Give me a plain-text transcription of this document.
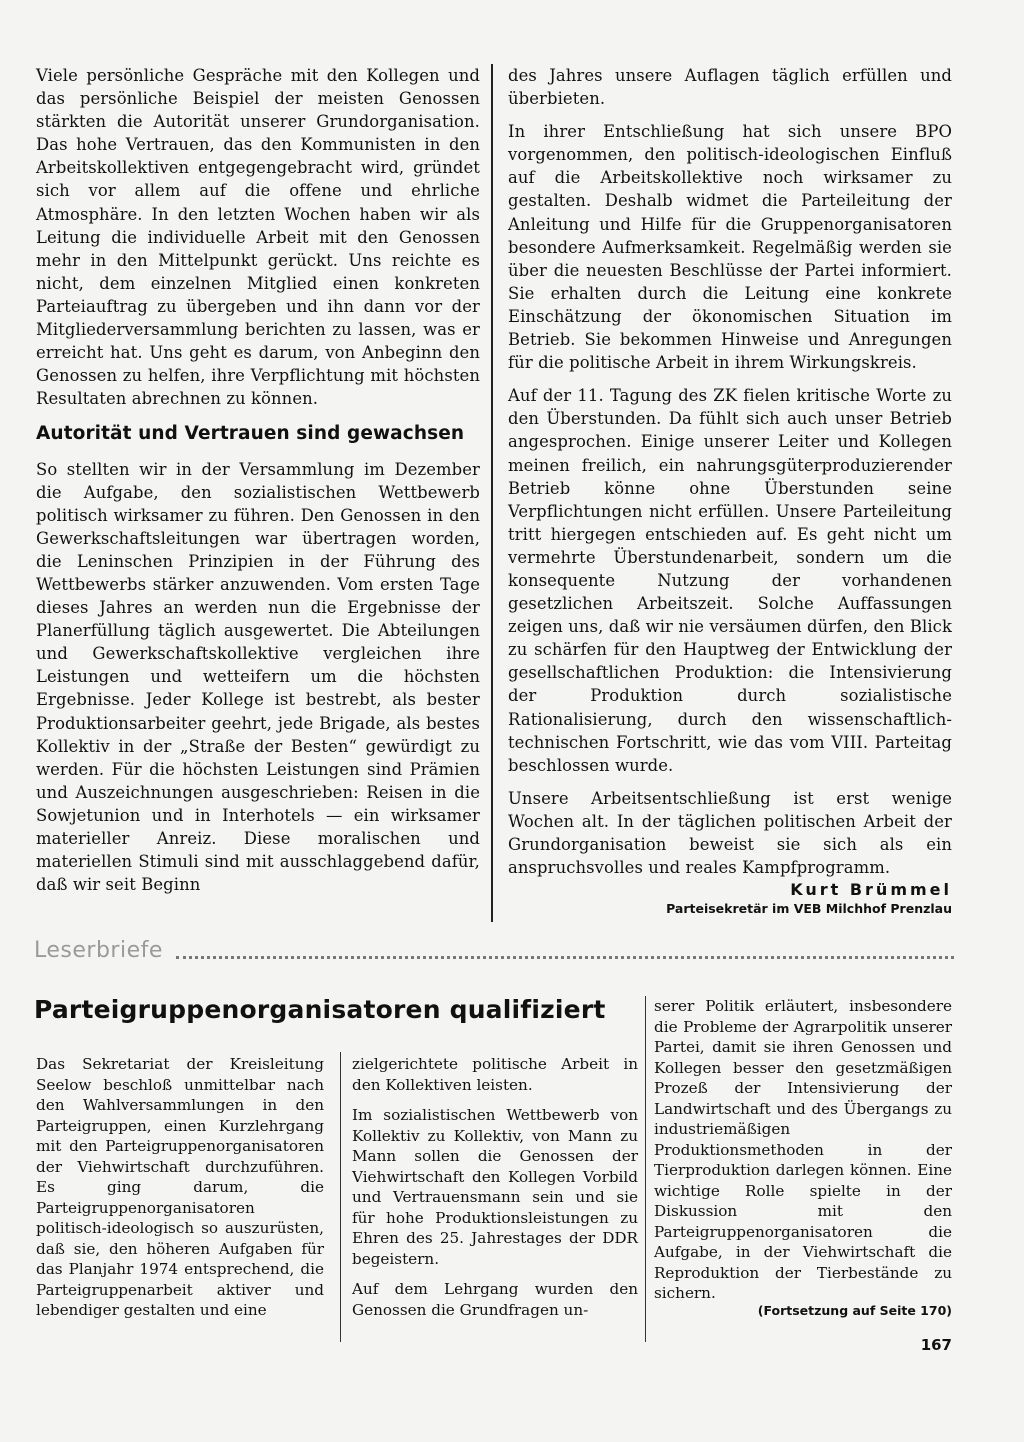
Viele persönliche Gespräche mit den Kollegen und das persönliche Beispiel der meisten Genossen stärkten die Autorität unserer Grundorganisation. Das hohe Vertrauen, das den Kommunisten in den Arbeitskollektiven entgegengebracht wird, gründet sich vor allem auf die offene und ehrliche Atmosphäre. In den letzten Wochen haben wir als Leitung die individuelle Arbeit mit den Genossen mehr in den Mittelpunkt gerückt. Uns reichte es nicht, dem einzelnen Mitglied einen konkreten Parteiauftrag zu übergeben und ihn dann vor der Mitgliederversammlung berichten zu lassen, was er erreicht hat. Uns geht es darum, von Anbeginn den Genossen zu helfen, ihre Verpflichtung mit höchsten Resultaten abrechnen zu können.

Autorität und Vertrauen sind gewachsen

So stellten wir in der Versammlung im Dezember die Aufgabe, den sozialistischen Wettbewerb politisch wirksamer zu führen. Den Genossen in den Gewerkschaftsleitungen war übertragen worden, die Leninschen Prinzipien in der Führung des Wettbewerbs stärker anzuwenden. Vom ersten Tage dieses Jahres an werden nun die Ergebnisse der Planerfüllung täglich ausgewertet. Die Abteilungen und Gewerkschaftskollektive vergleichen ihre Leistungen und wetteifern um die höchsten Ergebnisse. Jeder Kollege ist bestrebt, als bester Produktionsarbeiter geehrt, jede Brigade, als bestes Kollektiv in der „Straße der Besten“ gewürdigt zu werden. Für die höchsten Leistungen sind Prämien und Auszeichnungen ausgeschrieben: Reisen in die Sowjetunion und in Interhotels — ein wirksamer materieller Anreiz. Diese moralischen und materiellen Stimuli sind mit ausschlaggebend dafür, daß wir seit Beginn

des Jahres unsere Auflagen täglich erfüllen und überbieten.

In ihrer Entschließung hat sich unsere BPO vorgenommen, den politisch-ideologischen Einfluß auf die Arbeitskollektive noch wirksamer zu gestalten. Deshalb widmet die Parteileitung der Anleitung und Hilfe für die Gruppenorganisatoren besondere Aufmerksamkeit. Regelmäßig werden sie über die neuesten Beschlüsse der Partei informiert. Sie erhalten durch die Leitung eine konkrete Einschätzung der ökonomischen Situation im Betrieb. Sie bekommen Hinweise und Anregungen für die politische Arbeit in ihrem Wirkungskreis.

Auf der 11. Tagung des ZK fielen kritische Worte zu den Überstunden. Da fühlt sich auch unser Betrieb angesprochen. Einige unserer Leiter und Kollegen meinen freilich, ein nahrungsgüterproduzierender Betrieb könne ohne Überstunden seine Verpflichtungen nicht erfüllen. Unsere Parteileitung tritt hiergegen entschieden auf. Es geht nicht um vermehrte Überstundenarbeit, sondern um die konsequente Nutzung der vorhandenen gesetzlichen Arbeitszeit. Solche Auffassungen zeigen uns, daß wir nie versäumen dürfen, den Blick zu schärfen für den Hauptweg der Entwicklung der gesellschaftlichen Produktion: die Intensivierung der Produktion durch sozialistische Rationalisierung, durch den wissenschaftlich-technischen Fortschritt, wie das vom VIII. Parteitag beschlossen wurde.

Unsere Arbeitsentschließung ist erst wenige Wochen alt. In der täglichen politischen Arbeit der Grundorganisation beweist sie sich als ein anspruchsvolles und reales Kampfprogramm.

Kurt Brümmel
Parteisekretär im VEB Milchhof Prenzlau
Leserbriefe
Parteigruppenorganisatoren qualifiziert

Das Sekretariat der Kreisleitung Seelow beschloß unmittelbar nach den Wahlversammlungen in den Parteigruppen, einen Kurzlehrgang mit den Parteigruppenorganisatoren der Viehwirtschaft durchzuführen. Es ging darum, die Parteigruppenorganisatoren politisch-ideologisch so auszurüsten, daß sie, den höheren Aufgaben für das Planjahr 1974 entsprechend, die Parteigruppenarbeit aktiver und lebendiger gestalten und eine

zielgerichtete politische Arbeit in den Kollektiven leisten.

Im sozialistischen Wettbewerb von Kollektiv zu Kollektiv, von Mann zu Mann sollen die Genossen der Viehwirtschaft den Kollegen Vorbild und Vertrauensmann sein und sie für hohe Produktionsleistungen zu Ehren des 25. Jahrestages der DDR begeistern.

Auf dem Lehrgang wurden den Genossen die Grundfragen un-

serer Politik erläutert, insbesondere die Probleme der Agrarpolitik unserer Partei, damit sie ihren Genossen und Kollegen besser den gesetzmäßigen Prozeß der Intensivierung der Landwirtschaft und des Übergangs zu industriemäßigen Produktionsmethoden in der Tierproduktion darlegen können. Eine wichtige Rolle spielte in der Diskussion mit den Parteigruppenorganisatoren die Aufgabe, in der Viehwirtschaft die Reproduktion der Tierbestände zu sichern.

(Fortsetzung auf Seite 170)
167
